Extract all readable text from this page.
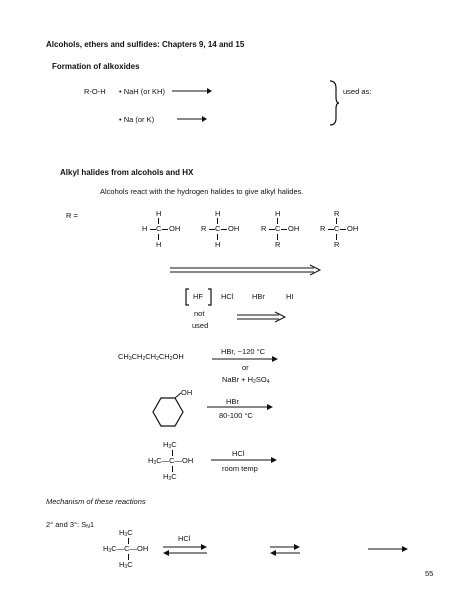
Alcohols, ethers and sulfides: Chapters 9, 14 and 15
Formation of alkoxides
R-O-H • NaH (or KH)
• Na (or K)
used as:
Alkyl halides from alcohols and HX
Alcohols react with the hydrogen halides to give alkyl halides.
R =	H
H C OH
H
H
R C OH
H
H
R C OH
R
R
R C OH
R
HF HCl HBr	HI
not
used
CH3CH2CH2CH2OH
HBr, ~120 °C
or
NaBr + H2SO4
OH
HBr
80-100 °C
H3C
H3C—C—OH
H3C
HCl
room temp
Mechanism of these reactions
2° and 3°: SN1
H3C
H3C—C—OH
H3C
HCl
55
